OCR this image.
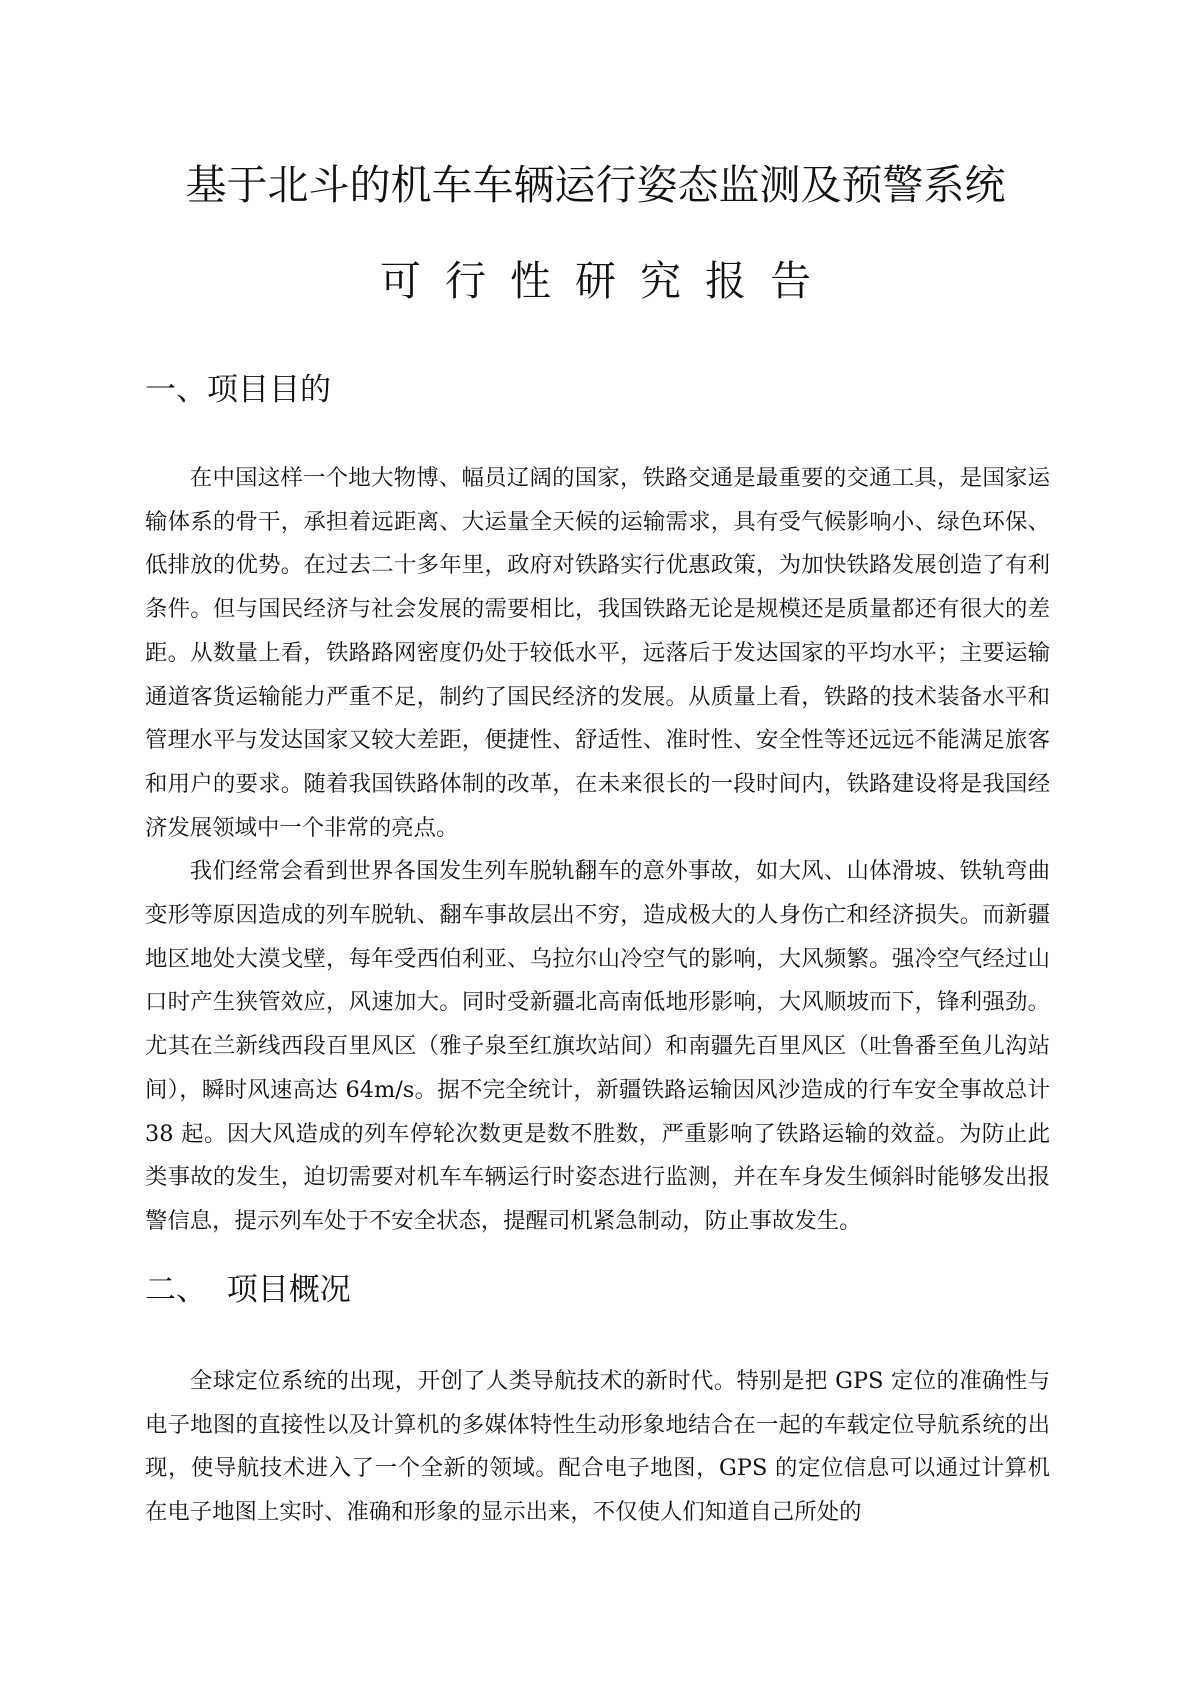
基于北斗的机车车辆运行姿态监测及预警系统
可行性研究报告
一、项目目的

在中国这样一个地大物博、幅员辽阔的国家，铁路交通是最重要的交通工具，是国家运输体系的骨干，承担着远距离、大运量全天候的运输需求，具有受气候影响小、绿色环保、低排放的优势。在过去二十多年里，政府对铁路实行优惠政策，为加快铁路发展创造了有利条件。但与国民经济与社会发展的需要相比，我国铁路无论是规模还是质量都还有很大的差距。从数量上看，铁路路网密度仍处于较低水平，远落后于发达国家的平均水平；主要运输通道客货运输能力严重不足，制约了国民经济的发展。从质量上看，铁路的技术装备水平和管理水平与发达国家又较大差距，便捷性、舒适性、准时性、安全性等还远远不能满足旅客和用户的要求。随着我国铁路体制的改革，在未来很长的一段时间内，铁路建设将是我国经济发展领域中一个非常的亮点。

我们经常会看到世界各国发生列车脱轨翻车的意外事故，如大风、山体滑坡、铁轨弯曲变形等原因造成的列车脱轨、翻车事故层出不穷，造成极大的人身伤亡和经济损失。而新疆地区地处大漠戈壁，每年受西伯利亚、乌拉尔山冷空气的影响，大风频繁。强冷空气经过山口时产生狭管效应，风速加大。同时受新疆北高南低地形影响，大风顺坡而下，锋利强劲。尤其在兰新线西段百里风区（雅子泉至红旗坎站间）和南疆先百里风区（吐鲁番至鱼儿沟站间），瞬时风速高达 64m/s。据不完全统计，新疆铁路运输因风沙造成的行车安全事故总计 38 起。因大风造成的列车停轮次数更是数不胜数，严重影响了铁路运输的效益。为防止此类事故的发生，迫切需要对机车车辆运行时姿态进行监测，并在车身发生倾斜时能够发出报警信息，提示列车处于不安全状态，提醒司机紧急制动，防止事故发生。

二、  项目概况

全球定位系统的出现，开创了人类导航技术的新时代。特别是把 GPS 定位的准确性与电子地图的直接性以及计算机的多媒体特性生动形象地结合在一起的车载定位导航系统的出现，使导航技术进入了一个全新的领域。配合电子地图，GPS 的定位信息可以通过计算机在电子地图上实时、准确和形象的显示出来，不仅使人们知道自己所处的
